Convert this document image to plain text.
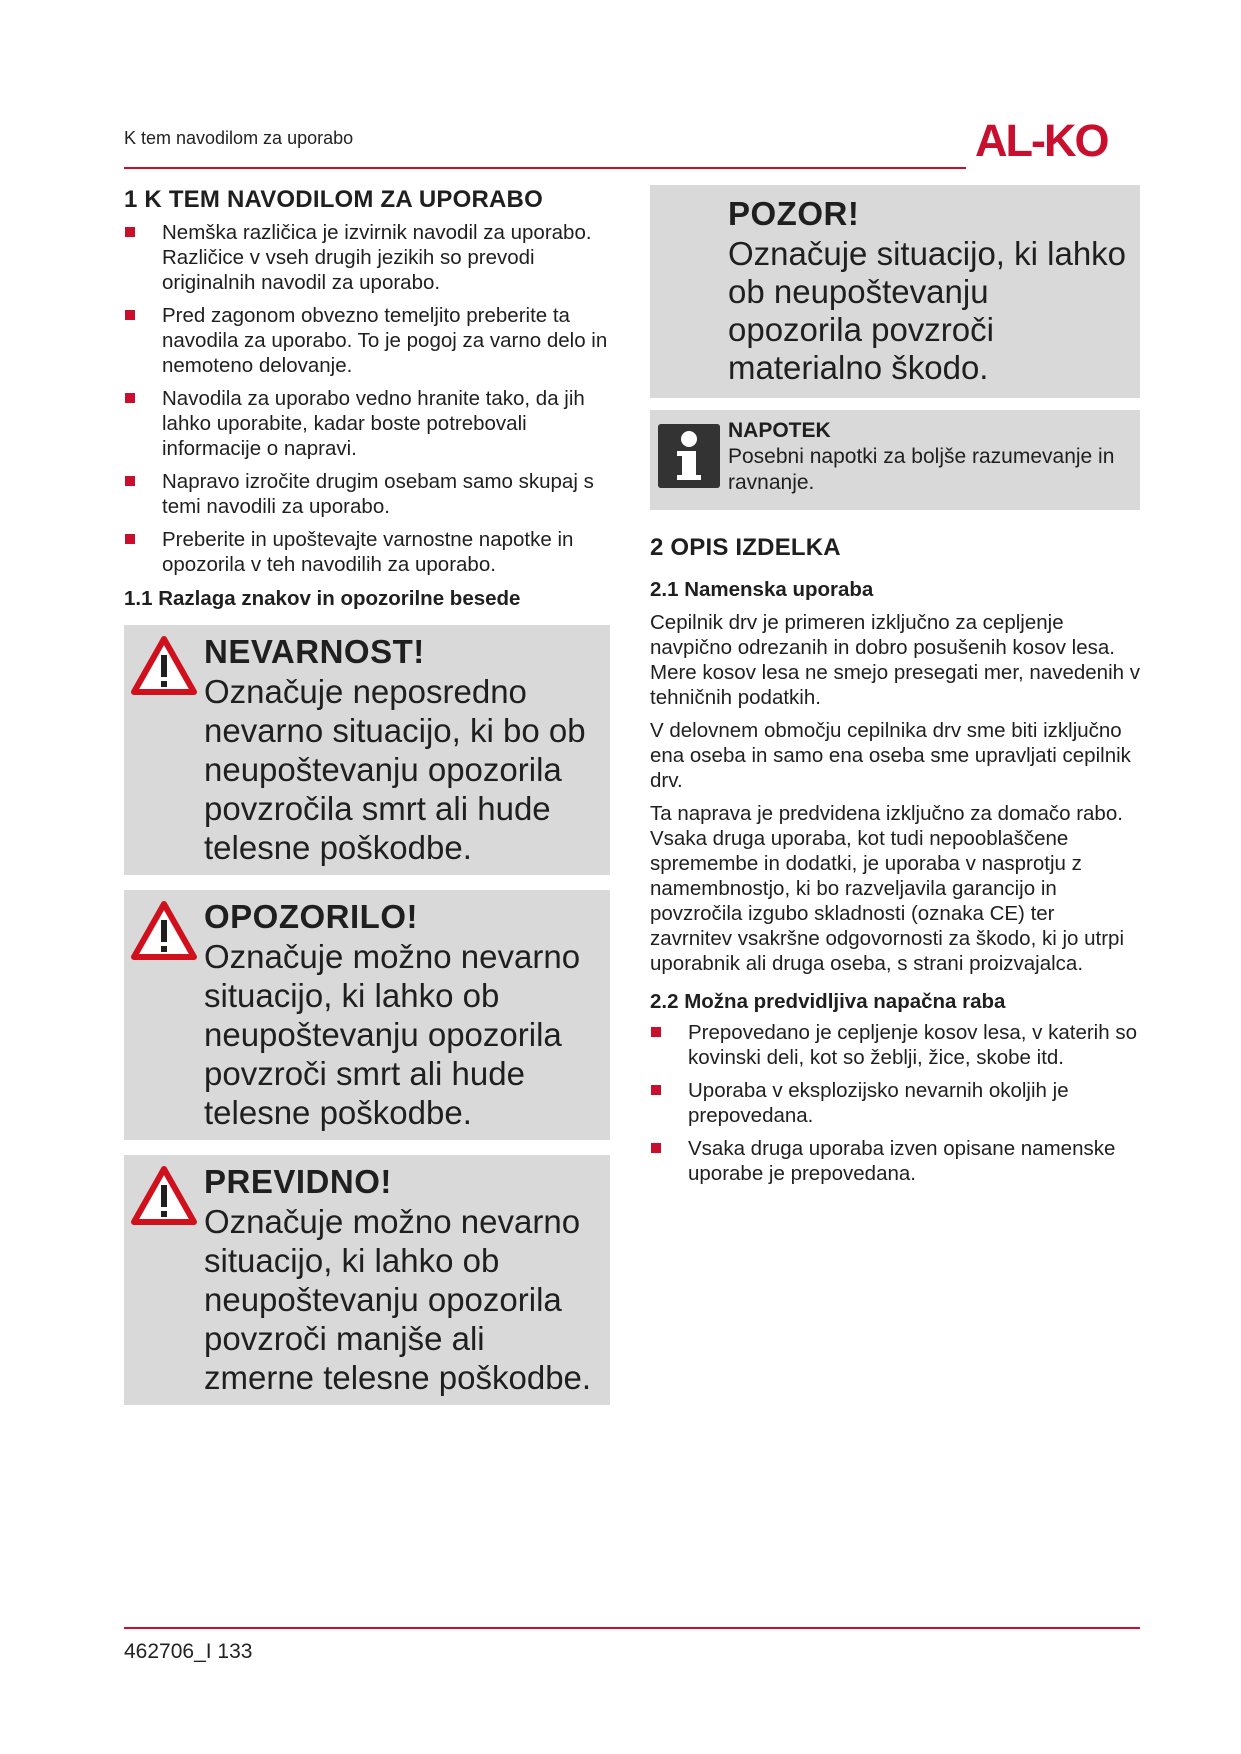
K tem navodilom za uporabo	AL-KO
1 K TEM NAVODILOM ZA UPORABO
Nemška različica je izvirnik navodil za uporabo. Različice v vseh drugih jezikih so prevodi originalnih navodil za uporabo.
Pred zagonom obvezno temeljito preberite ta navodila za uporabo. To je pogoj za varno delo in nemoteno delovanje.
Navodila za uporabo vedno hranite tako, da jih lahko uporabite, kadar boste potrebovali informacije o napravi.
Napravo izročite drugim osebam samo skupaj s temi navodili za uporabo.
Preberite in upoštevajte varnostne napotke in opozorila v teh navodilih za uporabo.
1.1 Razlaga znakov in opozorilne besede
NEVARNOST!
Označuje neposredno nevarno situacijo, ki bo ob neupoštevanju opozorila povzročila smrt ali hude telesne poškodbe.
OPOZORILO!
Označuje možno nevarno situacijo, ki lahko ob neupoštevanju opozorila povzroči smrt ali hude telesne poškodbe.
PREVIDNO!
Označuje možno nevarno situacijo, ki lahko ob neupoštevanju opozorila povzroči manjše ali zmerne telesne poškodbe.
POZOR!
Označuje situacijo, ki lahko ob neupoštevanju opozorila povzroči materialno škodo.
NAPOTEK
Posebni napotki za boljše razumevanje in ravnanje.
2 OPIS IZDELKA
2.1 Namenska uporaba

Cepilnik drv je primeren izključno za cepljenje navpično odrezanih in dobro posušenih kosov lesa. Mere kosov lesa ne smejo presegati mer, navedenih v tehničnih podatkih.

V delovnem območju cepilnika drv sme biti izključno ena oseba in samo ena oseba sme upravljati cepilnik drv.

Ta naprava je predvidena izključno za domačo rabo. Vsaka druga uporaba, kot tudi nepooblaščene spremembe in dodatki, je uporaba v nasprotju z namembnostjo, ki bo razveljavila garancijo in povzročila izgubo skladnosti (oznaka CE) ter zavrnitev vsakršne odgovornosti za škodo, ki jo utrpi uporabnik ali druga oseba, s strani proizvajalca.

2.2 Možna predvidljiva napačna raba
Prepovedano je cepljenje kosov lesa, v katerih so kovinski deli, kot so žeblji, žice, skobe itd.
Uporaba v eksplozijsko nevarnih okoljih je prepovedana.
Vsaka druga uporaba izven opisane namenske uporabe je prepovedana.
462706_I 133
